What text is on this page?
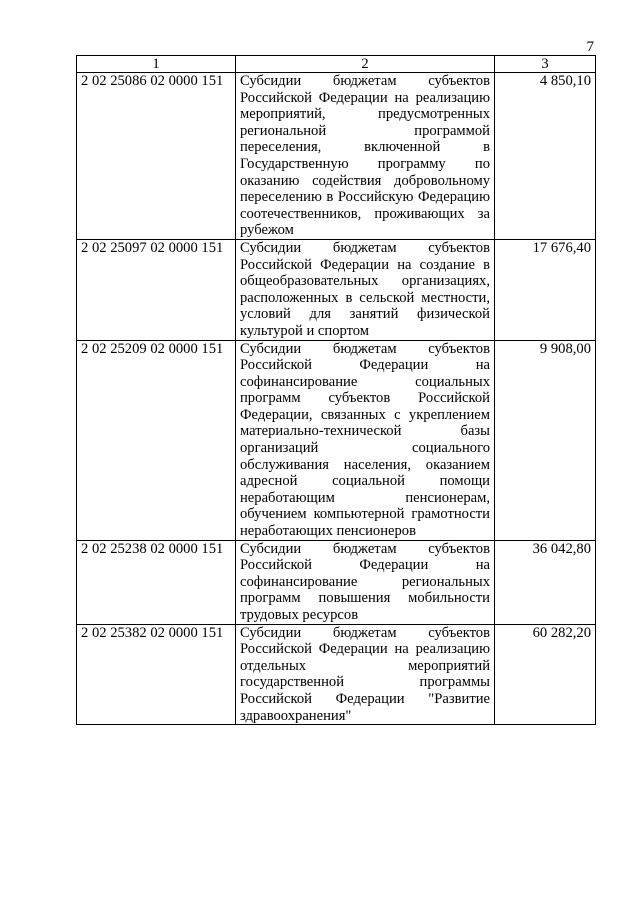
7
1	2	3
2 02 25086 02 0000 151	Субсидии бюджетам субъектов Российской Федерации на реализацию мероприятий, предусмотренных региональной программой переселения, включенной в Государственную программу по оказанию содействия добровольному переселению в Российскую Федерацию соотечественников, проживающих за рубежом	4 850,10
2 02 25097 02 0000 151	Субсидии бюджетам субъектов Российской Федерации на создание в общеобразовательных организациях, расположенных в сельской местности, условий для занятий физической культурой и спортом	17 676,40
2 02 25209 02 0000 151	Субсидии бюджетам субъектов Российской Федерации на софинансирование социальных программ субъектов Российской Федерации, связанных с укреплением материально-технической базы организаций социального обслуживания населения, оказанием адресной социальной помощи неработающим пенсионерам, обучением компьютерной грамотности неработающих пенсионеров	9 908,00
2 02 25238 02 0000 151	Субсидии бюджетам субъектов Российской Федерации на софинансирование региональных программ повышения мобильности трудовых ресурсов	36 042,80
2 02 25382 02 0000 151	Субсидии бюджетам субъектов Российской Федерации на реализацию отдельных мероприятий государственной программы Российской Федерации "Развитие здравоохранения"	60 282,20
